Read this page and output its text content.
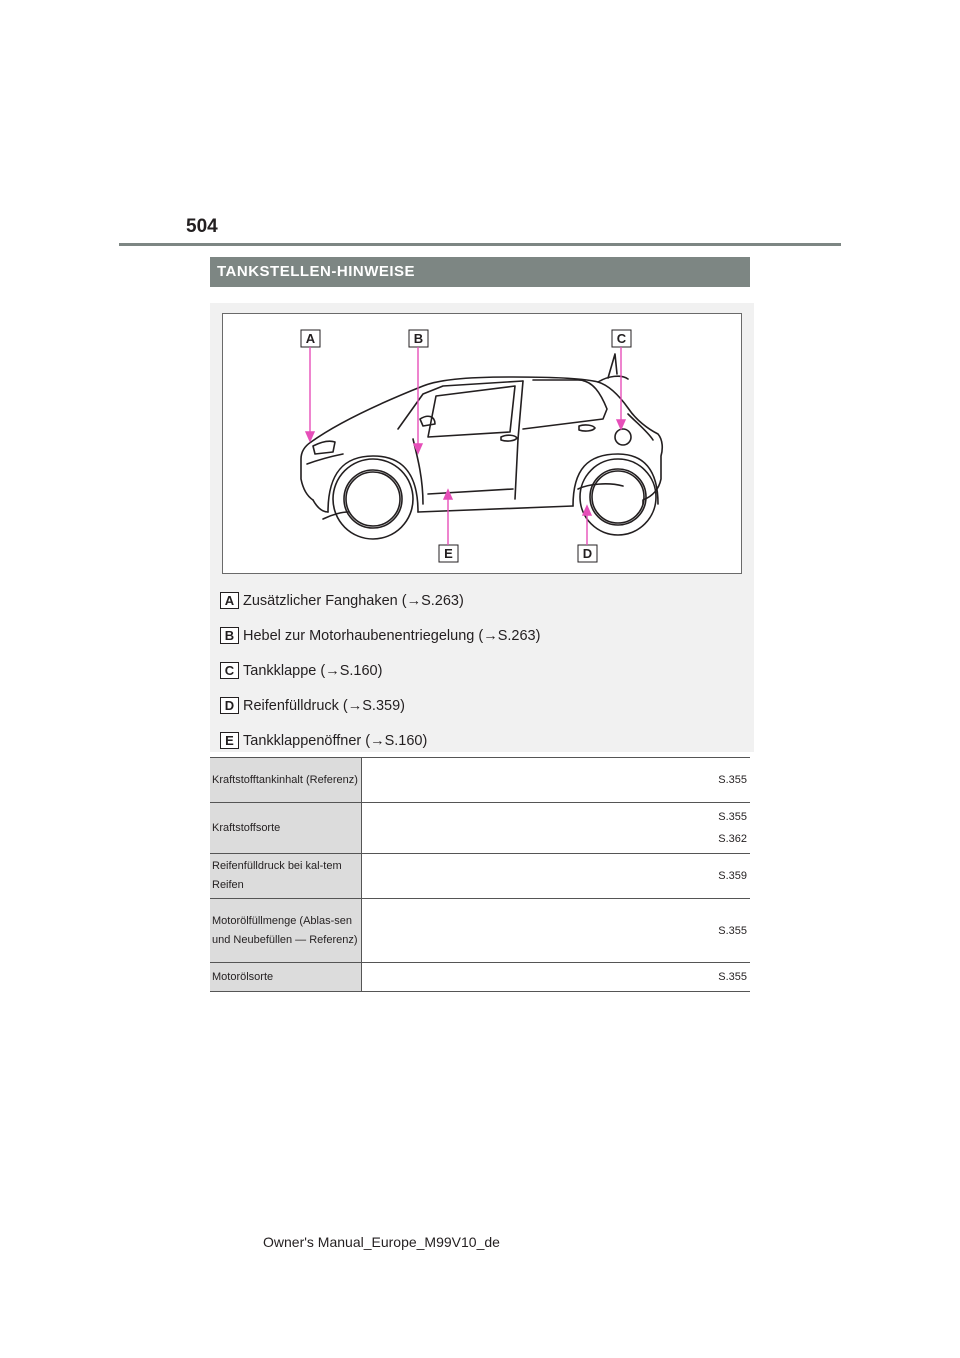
504
TANKSTELLEN-HINWEISE
A	B	C
E	D
A Zusätzlicher Fanghaken (→S.263)
B Hebel zur Motorhaubenentriegelung (→S.263)
C Tankklappe (→S.160)
D Reifenfülldruck (→S.359)
E Tankklappenöffner (→S.160)
Kraftstofftankinhalt (Referenz)	S.355

Kraftstoffsorte	S.355
S.362

Reifenfülldruck bei kal-tem Reifen	S.359

Motorölfüllmenge (Ablas-sen und Neubefüllen — Referenz)	S.355

Motorölsorte	S.355
Owner's Manual_Europe_M99V10_de
